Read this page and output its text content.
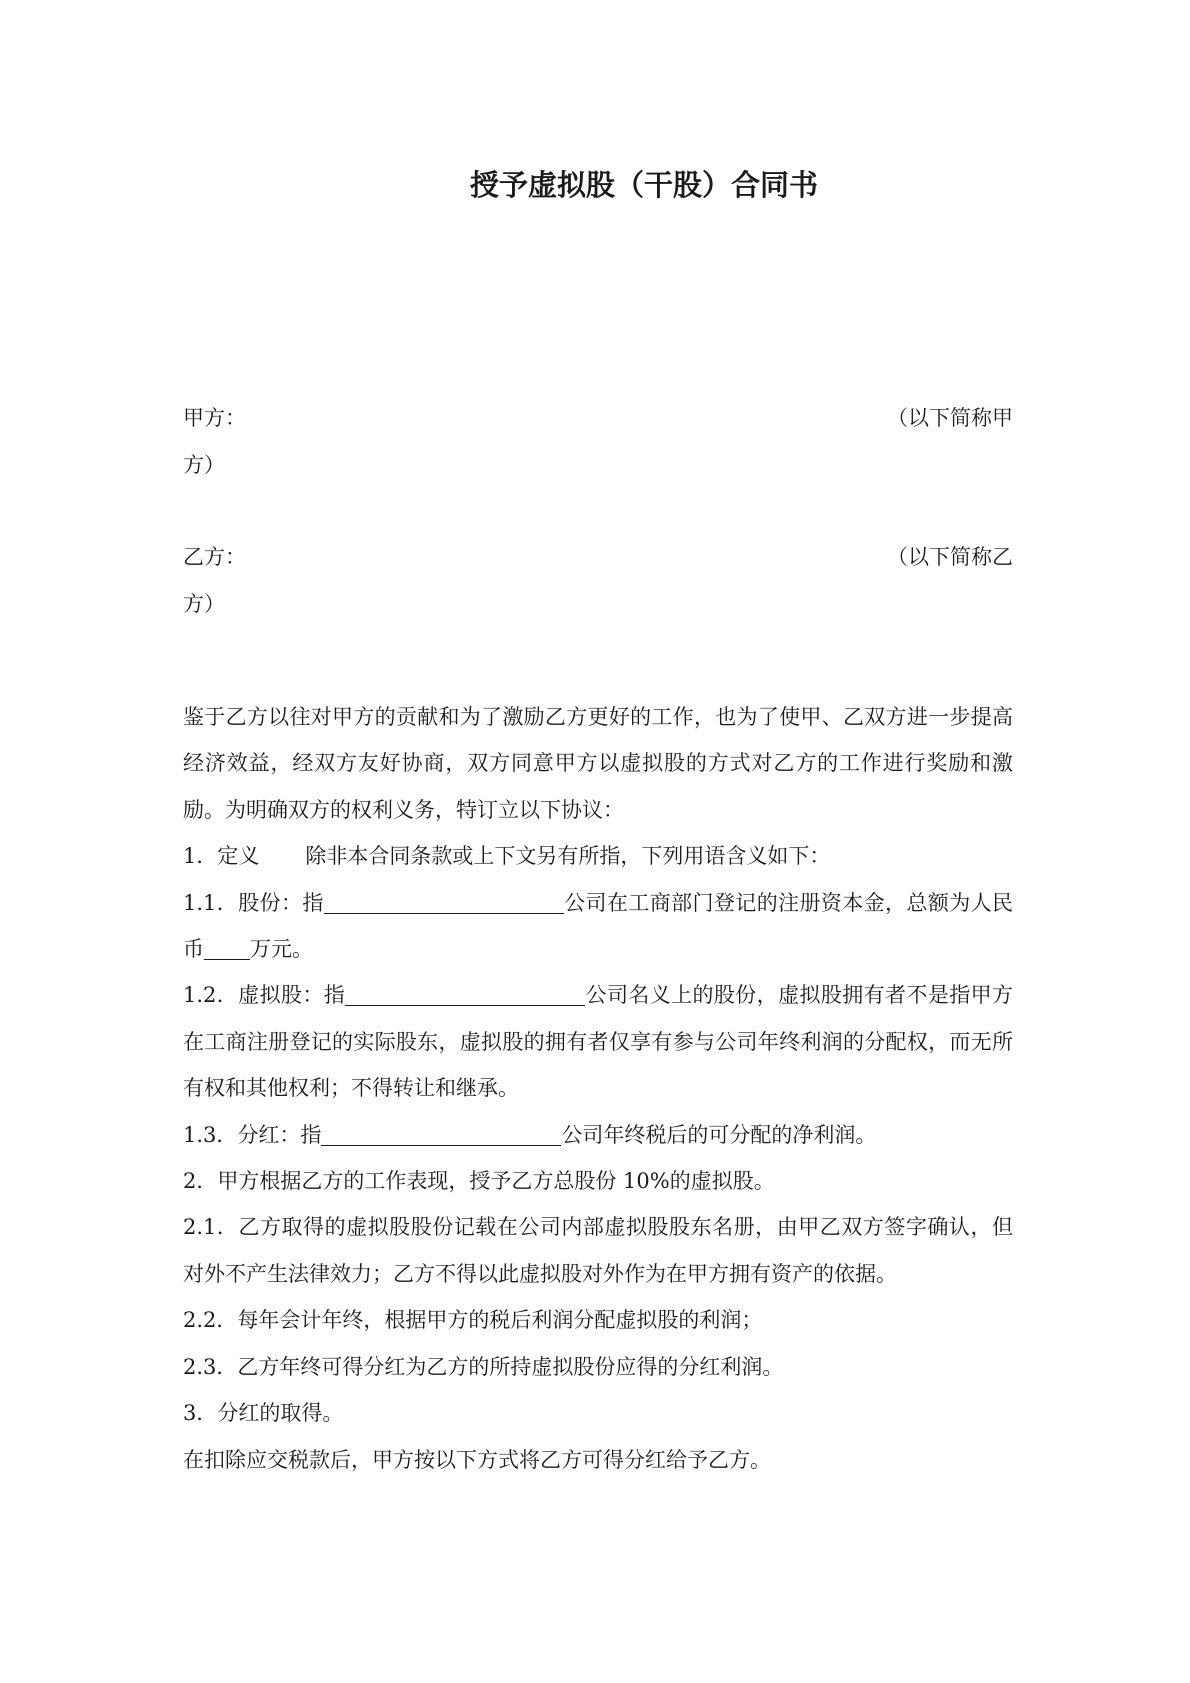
授予虚拟股（干股）合同书
甲方：	（以下简称甲
方）
乙方：	（以下简称乙
方）

鉴于乙方以往对甲方的贡献和为了激励乙方更好的工作，也为了使甲、乙双方进一步提高经济效益，经双方友好协商，双方同意甲方以虚拟股的方式对乙方的工作进行奖励和激励。为明确双方的权利义务，特订立以下协议：

1．定义 除非本合同条款或上下文另有所指，下列用语含义如下：

1.1．股份：指	公司在工商部门登记的注册资本金，总额为人民币 万元。

1.2．虚拟股：指	公司名义上的股份，虚拟股拥有者不是指甲方在工商注册登记的实际股东，虚拟股的拥有者仅享有参与公司年终利润的分配权，而无所有权和其他权利；不得转让和继承。

1.3．分红：指	公司年终税后的可分配的净利润。

2．甲方根据乙方的工作表现，授予乙方总股份 10%的虚拟股。

2.1．乙方取得的虚拟股股份记载在公司内部虚拟股股东名册，由甲乙双方签字确认，但对外不产生法律效力；乙方不得以此虚拟股对外作为在甲方拥有资产的依据。

2.2．每年会计年终，根据甲方的税后利润分配虚拟股的利润；

2.3．乙方年终可得分红为乙方的所持虚拟股份应得的分红利润。

3．分红的取得。

在扣除应交税款后，甲方按以下方式将乙方可得分红给予乙方。
